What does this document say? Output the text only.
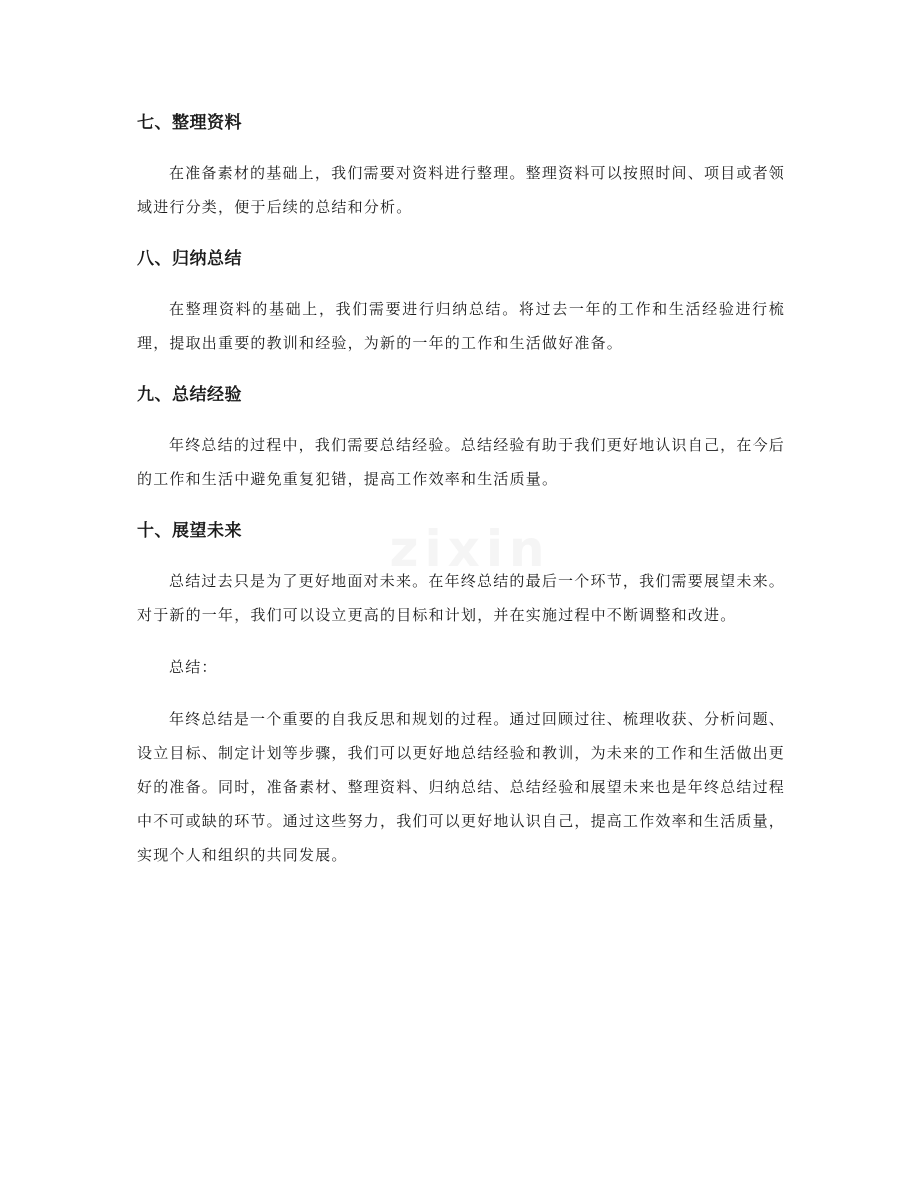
七、整理资料

在准备素材的基础上，我们需要对资料进行整理。整理资料可以按照时间、项目或者领域进行分类，便于后续的总结和分析。

八、归纳总结

在整理资料的基础上，我们需要进行归纳总结。将过去一年的工作和生活经验进行梳理，提取出重要的教训和经验，为新的一年的工作和生活做好准备。

九、总结经验

年终总结的过程中，我们需要总结经验。总结经验有助于我们更好地认识自己，在今后的工作和生活中避免重复犯错，提高工作效率和生活质量。

十、展望未来

总结过去只是为了更好地面对未来。在年终总结的最后一个环节，我们需要展望未来。对于新的一年，我们可以设立更高的目标和计划，并在实施过程中不断调整和改进。

总结：

年终总结是一个重要的自我反思和规划的过程。通过回顾过往、梳理收获、分析问题、设立目标、制定计划等步骤，我们可以更好地总结经验和教训，为未来的工作和生活做出更好的准备。同时，准备素材、整理资料、归纳总结、总结经验和展望未来也是年终总结过程中不可或缺的环节。通过这些努力，我们可以更好地认识自己，提高工作效率和生活质量，实现个人和组织的共同发展。

zixin
